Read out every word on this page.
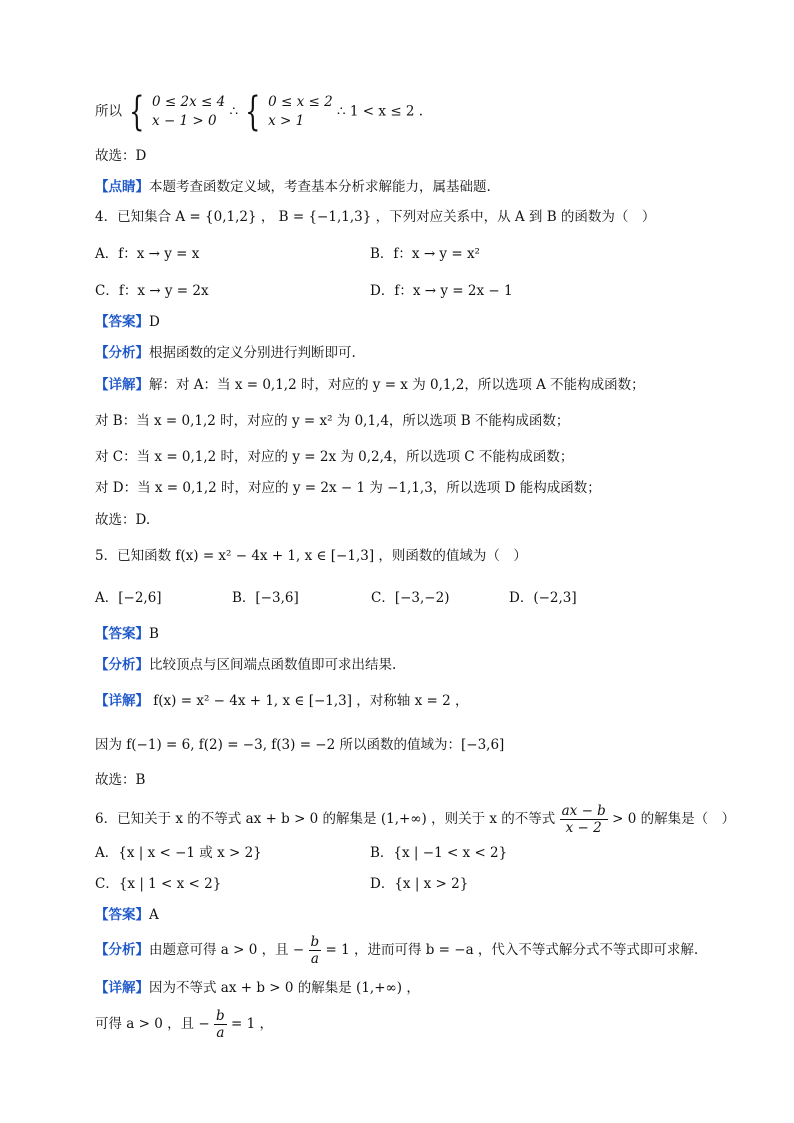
所以 { 0 ≤ 2x ≤ 4
x − 1 > 0
∴ { 0 ≤ x ≤ 2
x > 1
∴ 1 < x ≤ 2 .
故选：D
【点睛】本题考查函数定义域，考查基本分析求解能力，属基础题.
4．已知集合 A = {0,1,2} ， B = {−1,1,3} ，下列对应关系中，从 A 到 B 的函数为（　）
A．f：x → y = x	B．f：x → y = x²
C．f：x → y = 2x	D．f：x → y = 2x − 1
【答案】D
【分析】根据函数的定义分别进行判断即可.
【详解】解：对 A：当 x = 0,1,2 时，对应的 y = x 为 0,1,2，所以选项 A 不能构成函数；
对 B：当 x = 0,1,2 时，对应的 y = x² 为 0,1,4，所以选项 B 不能构成函数；
对 C：当 x = 0,1,2 时，对应的 y = 2x 为 0,2,4，所以选项 C 不能构成函数；
对 D：当 x = 0,1,2 时，对应的 y = 2x − 1 为 −1,1,3，所以选项 D 能构成函数；
故选：D.
5．已知函数 f(x) = x² − 4x + 1, x ∈ [−1,3] ，则函数的值域为（　）
A．[−2,6]	B．[−3,6]	C．[−3,−2)	D．(−2,3]
【答案】B
【分析】比较顶点与区间端点函数值即可求出结果.
【详解】 f(x) = x² − 4x + 1, x ∈ [−1,3] ，对称轴 x = 2 ，
因为 f(−1) = 6, f(2) = −3, f(3) = −2 所以函数的值域为：[−3,6]
故选：B
6．已知关于 x 的不等式 ax + b > 0 的解集是 (1,+∞) ，则关于 x 的不等式 $\frac{ax - b}{x - 2} > 0$ 的解集是（　）
A．{x | x < −1 或 x > 2}	B．{x | −1 < x < 2}
C．{x | 1 < x < 2}	D．{x | x > 2}
【答案】A
【分析】由题意可得 a > 0 ，且 − $\frac{b}{a} = 1$ ，进而可得 b = −a ，代入不等式解分式不等式即可求解.
【详解】因为不等式 ax + b > 0 的解集是 (1,+∞) ，
可得 a > 0 ，且 − $\frac{b}{a} = 1$ ，
